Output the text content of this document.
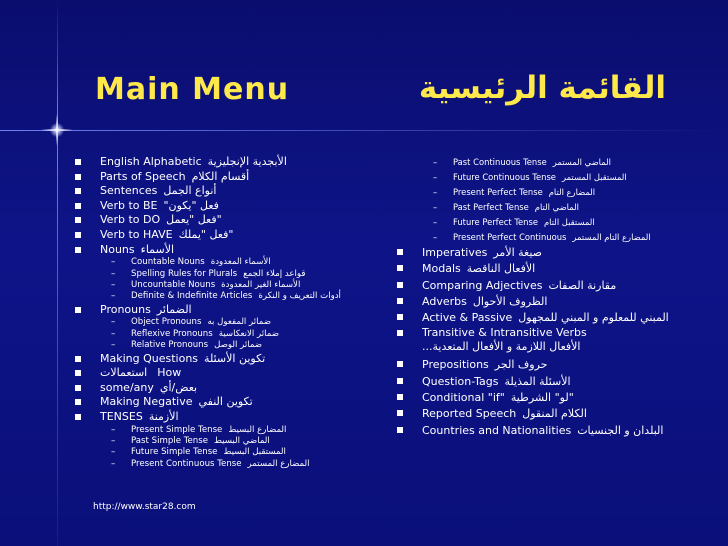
Main Menu	القائمة الرئيسية
English Alphabetic الأبجدية الإنجليزية
Parts of Speech أقسام الكلام
Sentences أنواع الجمل
Verb to BE فعل "يكون"
Verb to DO "فعل "يعمل
Verb to HAVE "فعل "يملك
Nouns الأسماء
– Countable Nouns الأسماء المعدودة
– Spelling Rules for Plurals قواعد إملاء الجمع
– Uncountable Nouns الأسماء الغير المعدودة
– Definite & Indefinite Articles أدوات التعريف و النكرة
Pronouns الضمائر
– Object Pronouns ضمائر المفعول به
– Reflexive Pronouns ضمائر الانعكاسية
– Relative Pronouns ضمائر الوصل
Making Questions تكوين الأسئلة
استعمالات How
some/any بعض/أي
Making Negative تكوين النفي
TENSES الأزمنة
– Present Simple Tense المضارع البسيط
– Past Simple Tense الماضي البسيط
– Future Simple Tense المستقبل البسيط
– Present Continuous Tense المضارع المستمر
– Past Continuous Tense الماضي المستمر
– Future Continuous Tense المستقبل المستمر
– Present Perfect Tense المضارع التام
– Past Perfect Tense الماضي التام
– Future Perfect Tense المستقبل التام
– Present Perfect Continuous المضارع التام المستمر
Imperatives صيغة الأمر
Modals الأفعال الناقصة
Comparing Adjectives مقارنة الصفات
Adverbs الظروف الأحوال
Active & Passive المبني للمعلوم و المبني للمجهول
Transitive & Intransitive Verbs
الأفعال اللازمة و الأفعال المتعدية...
Prepositions حروف الجر
Question-Tags الأسئلة المذيلة
Conditional "if" "لو" الشرطية
Reported Speech الكلام المنقول
Countries and Nationalities البلدان و الجنسيات
http://www.star28.com
